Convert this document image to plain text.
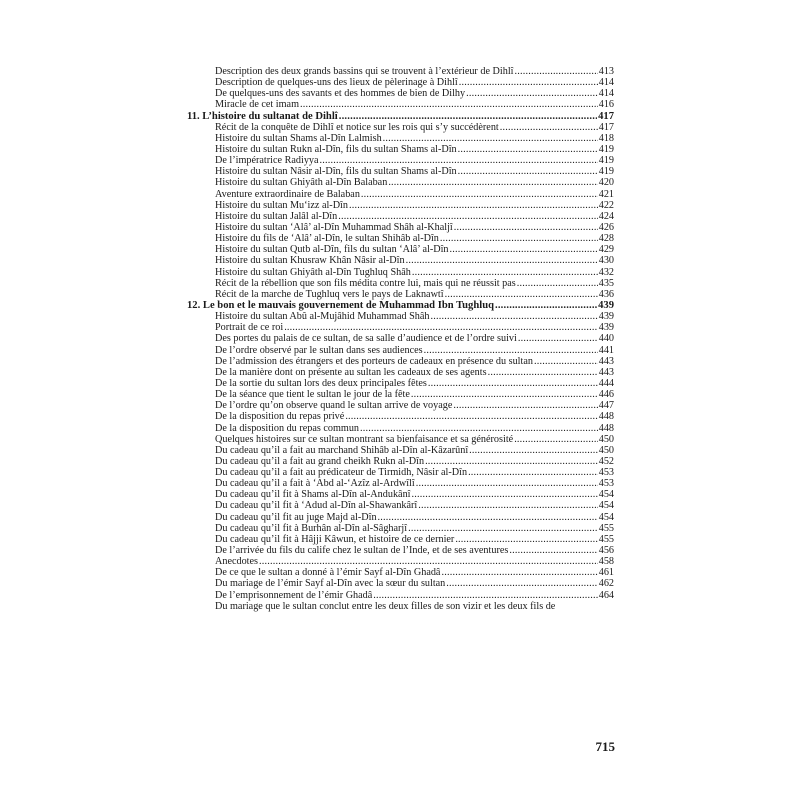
Description des deux grands bassins qui se trouvent à l’extérieur de Dihlî .....	413
Description de quelques-uns des lieux de pèlerinage à Dihlî .....	414
De quelques-uns des savants et des hommes de bien de Dilhy .....	414
Miracle de cet imam .....	416
11. L’histoire du sultanat de Dihlî .....	417
Récit de la conquête de Dihlî et notice sur les rois qui s’y succédèrent .....	417
Histoire du sultan Shams al-Dîn Lalmish .....	418
Histoire du sultan Rukn al-Dîn, fils du sultan Shams al-Dîn .....	419
De l’impératrice Radiyya .....	419
Histoire du sultan Nâsir al-Dîn, fils du sultan Shams al-Dîn .....	419
Histoire du sultan Ghiyâth al-Dîn Balaban .....	420
Aventure extraordinaire de Balaban .....	421
Histoire du sultan Mu‘izz al-Dîn .....	422
Histoire du sultan Jalâl al-Dîn .....	424
Histoire du sultan ‘Alâ’ al-Dîn Muhammad Shâh al-Khaljî .....	426
Histoire du fils de ‘Alâ’ al-Dîn, le sultan Shihâb al-Dîn .....	428
Histoire du sultan Qutb al-Dîn, fils du sultan ‘Alâ’ al-Dîn .....	429
Histoire du sultan Khusraw Khân Nâsir al-Dîn .....	430
Histoire du sultan Ghiyâth al-Dîn Tughluq Shâh .....	432
Récit de la rébellion que son fils médita contre lui, mais qui ne réussit pas .....	435
Récit de la marche de Tughluq vers le pays de Laknawtî .....	436
12. Le bon et le mauvais gouvernement de Muhammad Ibn Tughluq .....	439
Histoire du sultan Abû al-Mujâhid Muhammad Shâh .....	439
Portrait de ce roi .....	439
Des portes du palais de ce sultan, de sa salle d’audience et de l’ordre suivi .....	440
De l’ordre observé par le sultan dans ses audiences .....	441
De l’admission des étrangers et des porteurs de cadeaux en présence du sultan .....	443
De la manière dont on présente au sultan les cadeaux de ses agents .....	443
De la sortie du sultan lors des deux principales fêtes .....	444
De la séance que tient le sultan le jour de la fête .....	446
De l’ordre qu’on observe quand le sultan arrive de voyage .....	447
De la disposition du repas privé .....	448
De la disposition du repas commun .....	448
Quelques histoires sur ce sultan montrant sa bienfaisance et sa générosité .....	450
Du cadeau qu’il a fait au marchand Shihâb al-Dîn al-Kâzarûnî .....	450
Du cadeau qu’il a fait au grand cheikh Rukn al-Dîn .....	452
Du cadeau qu’il a fait au prédicateur de Tirmidh, Nâsir al-Dîn .....	453
Du cadeau qu’il a fait à ‘Abd al-‘Azîz al-Ardwîlî .....	453
Du cadeau qu’il fit à Shams al-Dîn al-Andukânî .....	454
Du cadeau qu’il fit à ‘Adud al-Dîn al-Shawankârî .....	454
Du cadeau qu’il fit au juge Majd al-Dîn .....	454
Du cadeau qu’il fit à Burhân al-Dîn al-Sâgharjî .....	455
Du cadeau qu’il fit à Hâjji Kâwun, et histoire de ce dernier .....	455
De l’arrivée du fils du calife chez le sultan de l’Inde, et de ses aventures .....	456
Anecdotes .....	458
De ce que le sultan a donné à l’émir Sayf al-Dîn Ghadâ .....	461
Du mariage de l’émir Sayf al-Dîn avec la sœur du sultan .....	462
De l’emprisonnement de l’émir Ghadâ .....	464
Du mariage que le sultan conclut entre les deux filles de son vizir et les deux fils de
715
